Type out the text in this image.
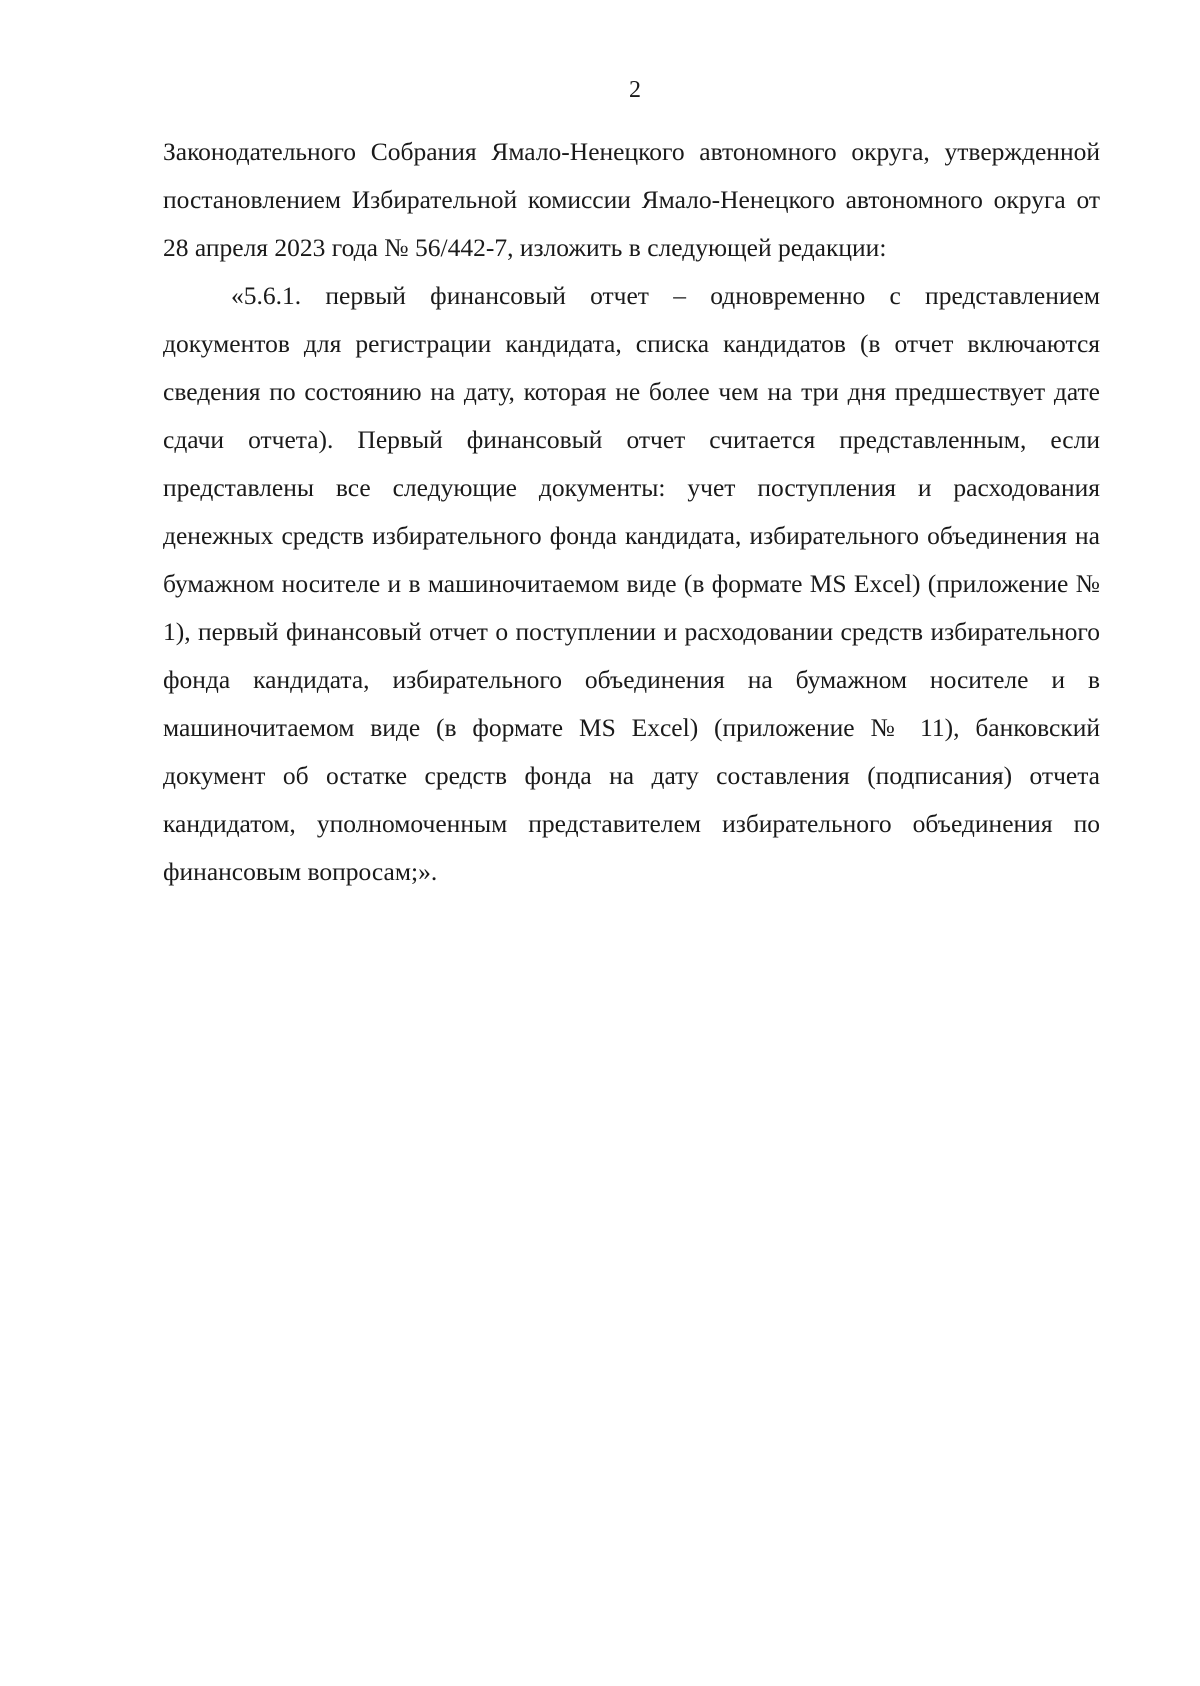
2

Законодательного Собрания Ямало-Ненецкого автономного округа, утвержденной постановлением Избирательной комиссии Ямало-Ненецкого автономного округа от 28 апреля 2023 года № 56/442-7, изложить в следующей редакции:

«5.6.1. первый финансовый отчет – одновременно с представлением документов для регистрации кандидата, списка кандидатов (в отчет включаются сведения по состоянию на дату, которая не более чем на три дня предшествует дате сдачи отчета). Первый финансовый отчет считается представленным, если представлены все следующие документы: учет поступления и расходования денежных средств избирательного фонда кандидата, избирательного объединения на бумажном носителе и в машиночитаемом виде (в формате MS Excel) (приложение № 1), первый финансовый отчет о поступлении и расходовании средств избирательного фонда кандидата, избирательного объединения на бумажном носителе и в машиночитаемом виде (в формате MS Excel) (приложение № 11), банковский документ об остатке средств фонда на дату составления (подписания) отчета кандидатом, уполномоченным представителем избирательного объединения по финансовым вопросам;».
